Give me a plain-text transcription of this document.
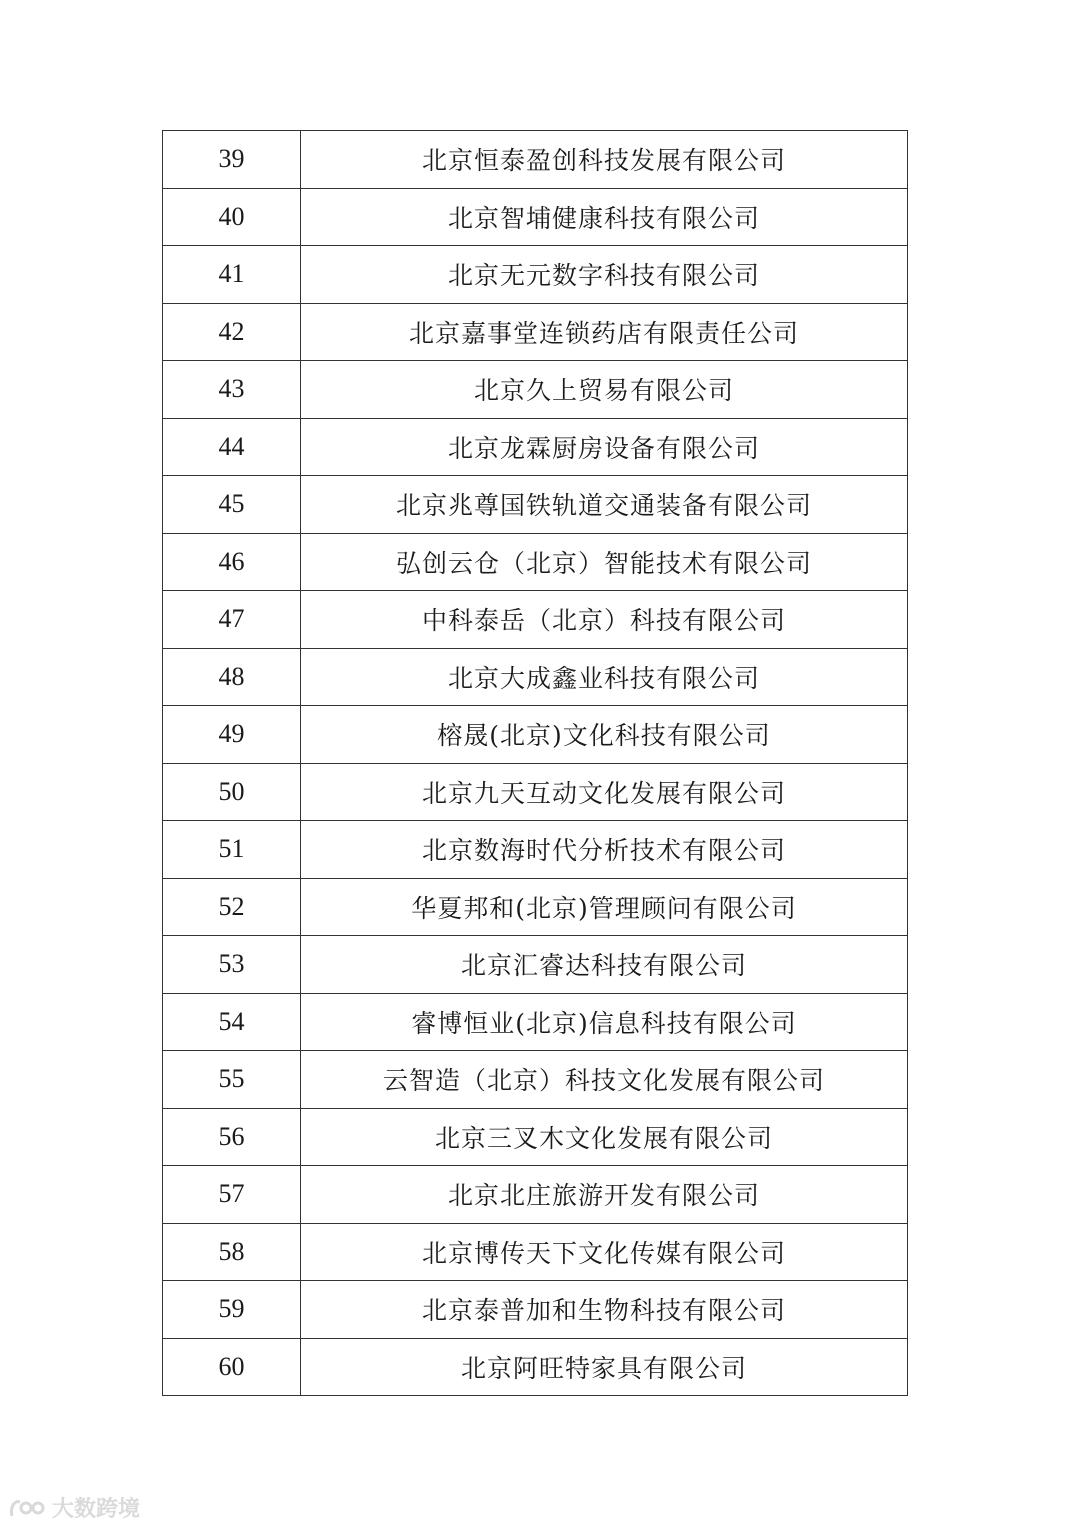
39	北京恒泰盈创科技发展有限公司
40	北京智埔健康科技有限公司
41	北京无元数字科技有限公司
42	北京嘉事堂连锁药店有限责任公司
43	北京久上贸易有限公司
44	北京龙霖厨房设备有限公司
45	北京兆尊国铁轨道交通装备有限公司
46	弘创云仓（北京）智能技术有限公司
47	中科泰岳（北京）科技有限公司
48	北京大成鑫业科技有限公司
49	榕晟(北京)文化科技有限公司
50	北京九天互动文化发展有限公司
51	北京数海时代分析技术有限公司
52	华夏邦和(北京)管理顾问有限公司
53	北京汇睿达科技有限公司
54	睿博恒业(北京)信息科技有限公司
55	云智造（北京）科技文化发展有限公司
56	北京三叉木文化发展有限公司
57	北京北庄旅游开发有限公司
58	北京博传天下文化传媒有限公司
59	北京泰普加和生物科技有限公司
60	北京阿旺特家具有限公司
大数跨境
